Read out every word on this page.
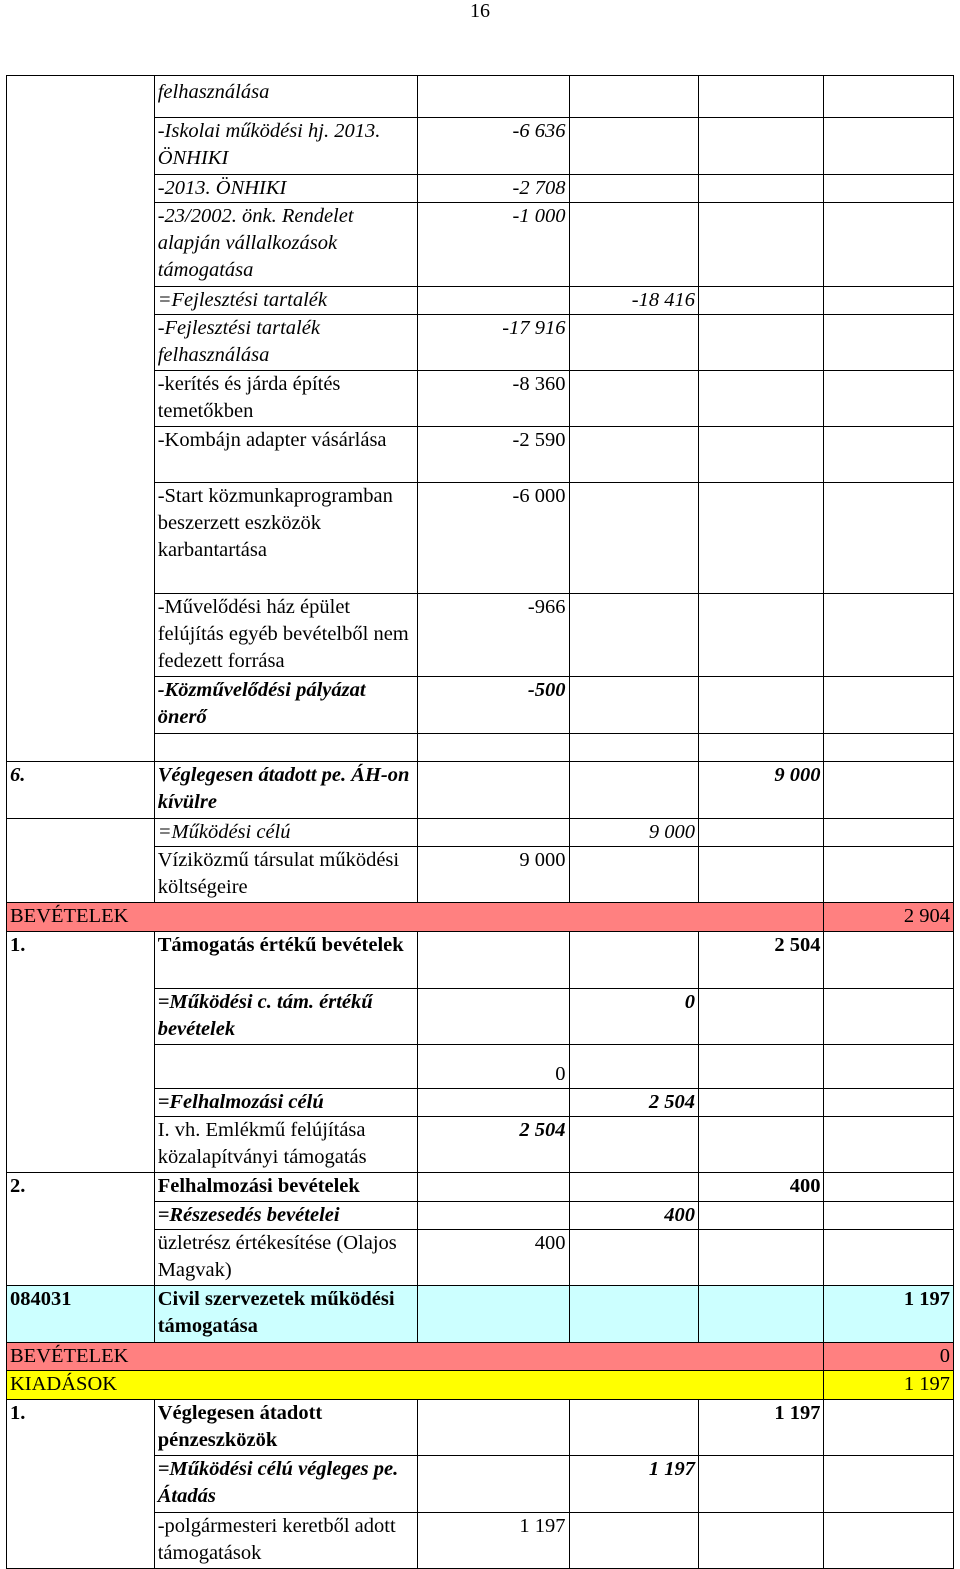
16
	felhasználása				
	-Iskolai működési hj. 2013. ÖNHIKI	-6 636			
	-2013. ÖNHIKI	-2 708			
	-23/2002. önk. Rendelet alapján vállalkozások támogatása	-1 000			
	=Fejlesztési tartalék		-18 416		
	-Fejlesztési tartalék felhasználása	-17 916			
	-kerítés és járda építés temetőkben	-8 360			
	-Kombájn adapter vásárlása	-2 590			
	-Start közmunkaprogramban beszerzett eszközök karbantartása	-6 000			
	-Művelődési ház épület felújítás egyéb bevételből nem fedezett forrása	-966			
	-Közművelődési pályázat önerő	-500			

6.	Véglegesen átadott pe. ÁH-on kívülre			9 000	
	=Működési célú		9 000		
	Víziközmű társulat működési költségeire	9 000			
BEVÉTELEK					2 904
1.	Támogatás értékű bevételek			2 504	
	=Működési c. tám. értékű bevételek		0		
		0			
	=Felhalmozási célú		2 504		
	I. vh. Emlékmű felújítása közalapítványi támogatás	2 504			
2.	Felhalmozási bevételek			400	
	=Részesedés bevételei		400		
	üzletrész értékesítése (Olajos Magvak)	400			
084031	Civil szervezetek működési támogatása				1 197
BEVÉTELEK					0
KIADÁSOK					1 197
1.	Véglegesen átadott pénzeszközök			1 197	
	=Működési célú végleges pe. Átadás		1 197		
	-polgármesteri keretből adott támogatások	1 197			
